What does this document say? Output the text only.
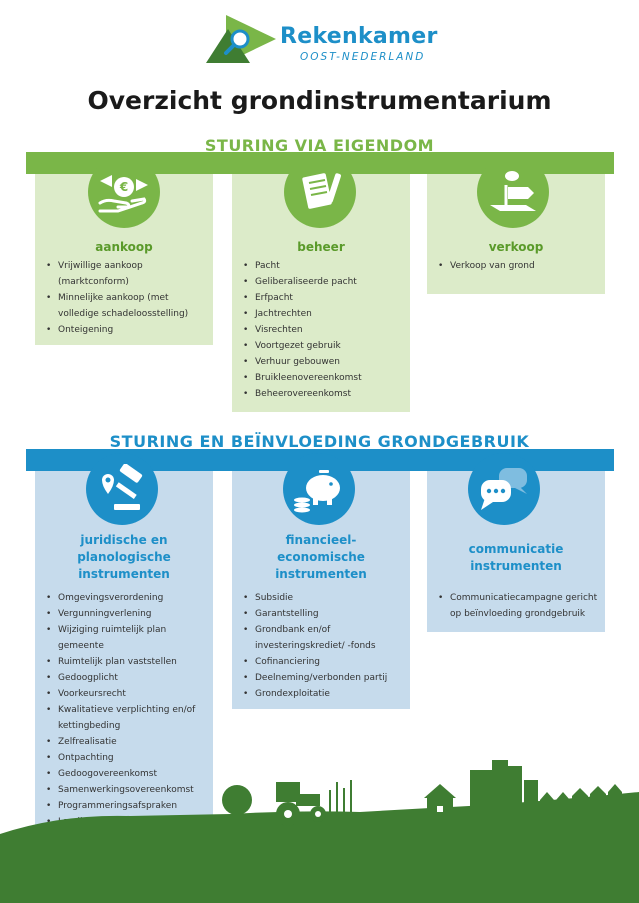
Rekenkamer
OOST-NEDERLAND
Overzicht grondinstrumentarium
STURING VIA EIGENDOM
€
aankoop
• Vrijwillige aankoop (marktconform)
• Minnelijke aankoop (met volledige schadeloosstelling)
• Onteigening
beheer
• Pacht
• Geliberaliseerde pacht
• Erfpacht
• Jachtrechten
• Visrechten
• Voortgezet gebruik
• Verhuur gebouwen
• Bruikleenovereenkomst
• Beheerovereenkomst
verkoop
• Verkoop van grond
STURING EN BEÏNVLOEDING GRONDGEBRUIK
juridische en
planologische
instrumenten
• Omgevingsverordening
• Vergunningverlening
• Wijziging ruimtelijk plan gemeente
• Ruimtelijk plan vaststellen
• Gedoogplicht
• Voorkeursrecht
• Kwalitatieve verplichting en/of kettingbeding
• Zelfrealisatie
• Ontpachting
• Gedoogovereenkomst
• Samenwerkingsovereenkomst
• Programmeringsafspraken
•
•
financieel-
economische
instrumenten
• Subsidie
• Garantstelling
• Grondbank en/of investeringskrediet/ -fonds
• Cofinanciering
• Deelneming/verbonden partij
• Grondexploitatie
communicatie
instrumenten
• Communicatiecampagne gericht op beïnvloeding grondgebruik
